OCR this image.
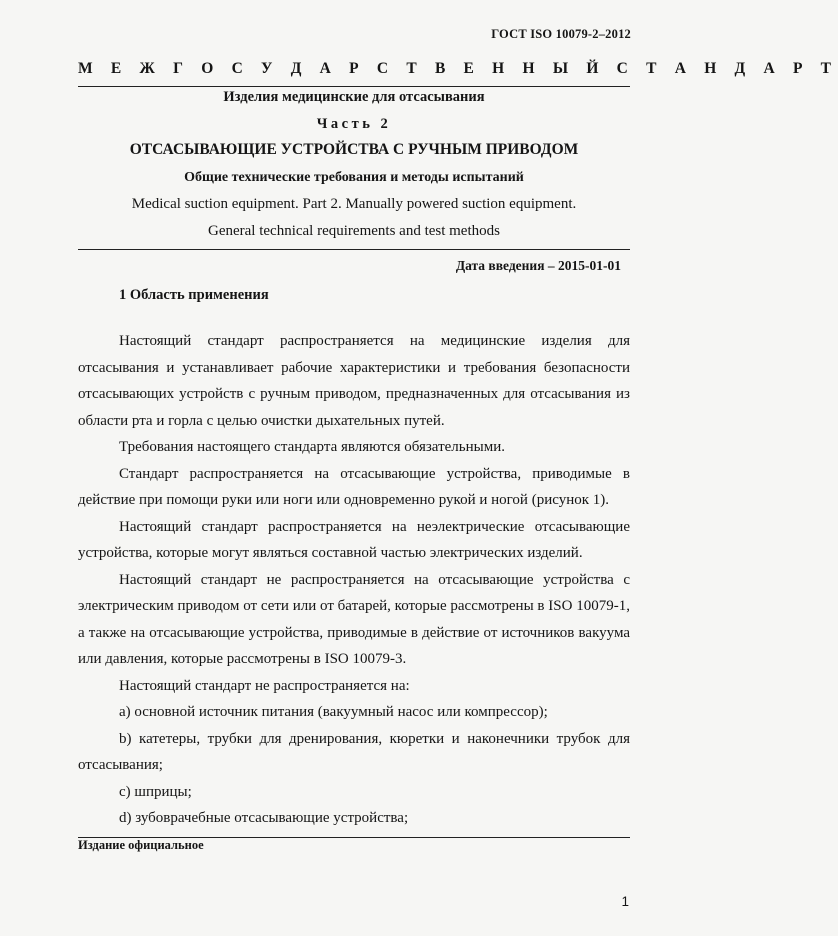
ГОСТ ISO 10079-2–2012
М Е Ж Г О С У Д А Р С Т В Е Н Н Ы Й С Т А Н Д А Р Т
Изделия медицинские для отсасывания
Часть 2
ОТСАСЫВАЮЩИЕ УСТРОЙСТВА С РУЧНЫМ ПРИВОДОМ
Общие технические требования и методы испытаний
Medical suction equipment. Part 2. Manually powered suction equipment.
General technical requirements and test methods
Дата введения – 2015-01-01
1 Область применения

Настоящий стандарт распространяется на медицинские изделия для отсасывания и устанавливает рабочие характеристики и требования безопасности отсасывающих устройств с ручным приводом, предназначенных для отсасывания из области рта и горла с целью очистки дыхательных путей.

Требования настоящего стандарта являются обязательными.

Стандарт распространяется на отсасывающие устройства, приводимые в действие при помощи руки или ноги или одновременно рукой и ногой (рисунок 1).

Настоящий стандарт распространяется на неэлектрические отсасывающие устройства, которые могут являться составной частью электрических изделий.

Настоящий стандарт не распространяется на отсасывающие устройства с электрическим приводом от сети или от батарей, которые рассмотрены в ISO 10079-1, а также на отсасывающие устройства, приводимые в действие от источников вакуума или давления, которые рассмотрены в ISO 10079-3.

Настоящий стандарт не распространяется на:

a) основной источник питания (вакуумный насос или компрессор);

b) катетеры, трубки для дренирования, кюретки и наконечники трубок для отсасывания;

c) шприцы;

d) зубоврачебные отсасывающие устройства;

Издание официальное
1
